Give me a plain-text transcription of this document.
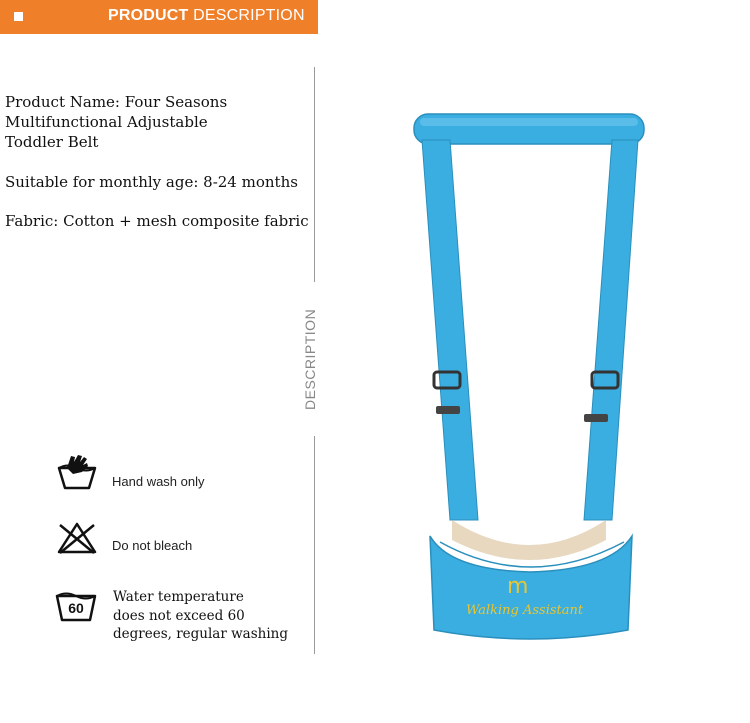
PRODUCT DESCRIPTION
Product Name: Four Seasons
Multifunctional Adjustable
Toddler Belt
Suitable for monthly age: 8-24 months
Fabric: Cotton + mesh composite fabric
DESCRIPTION
Hand wash only
Do not bleach
60
Water temperature
does not exceed 60
degrees, regular washing
m
Walking Assistant
